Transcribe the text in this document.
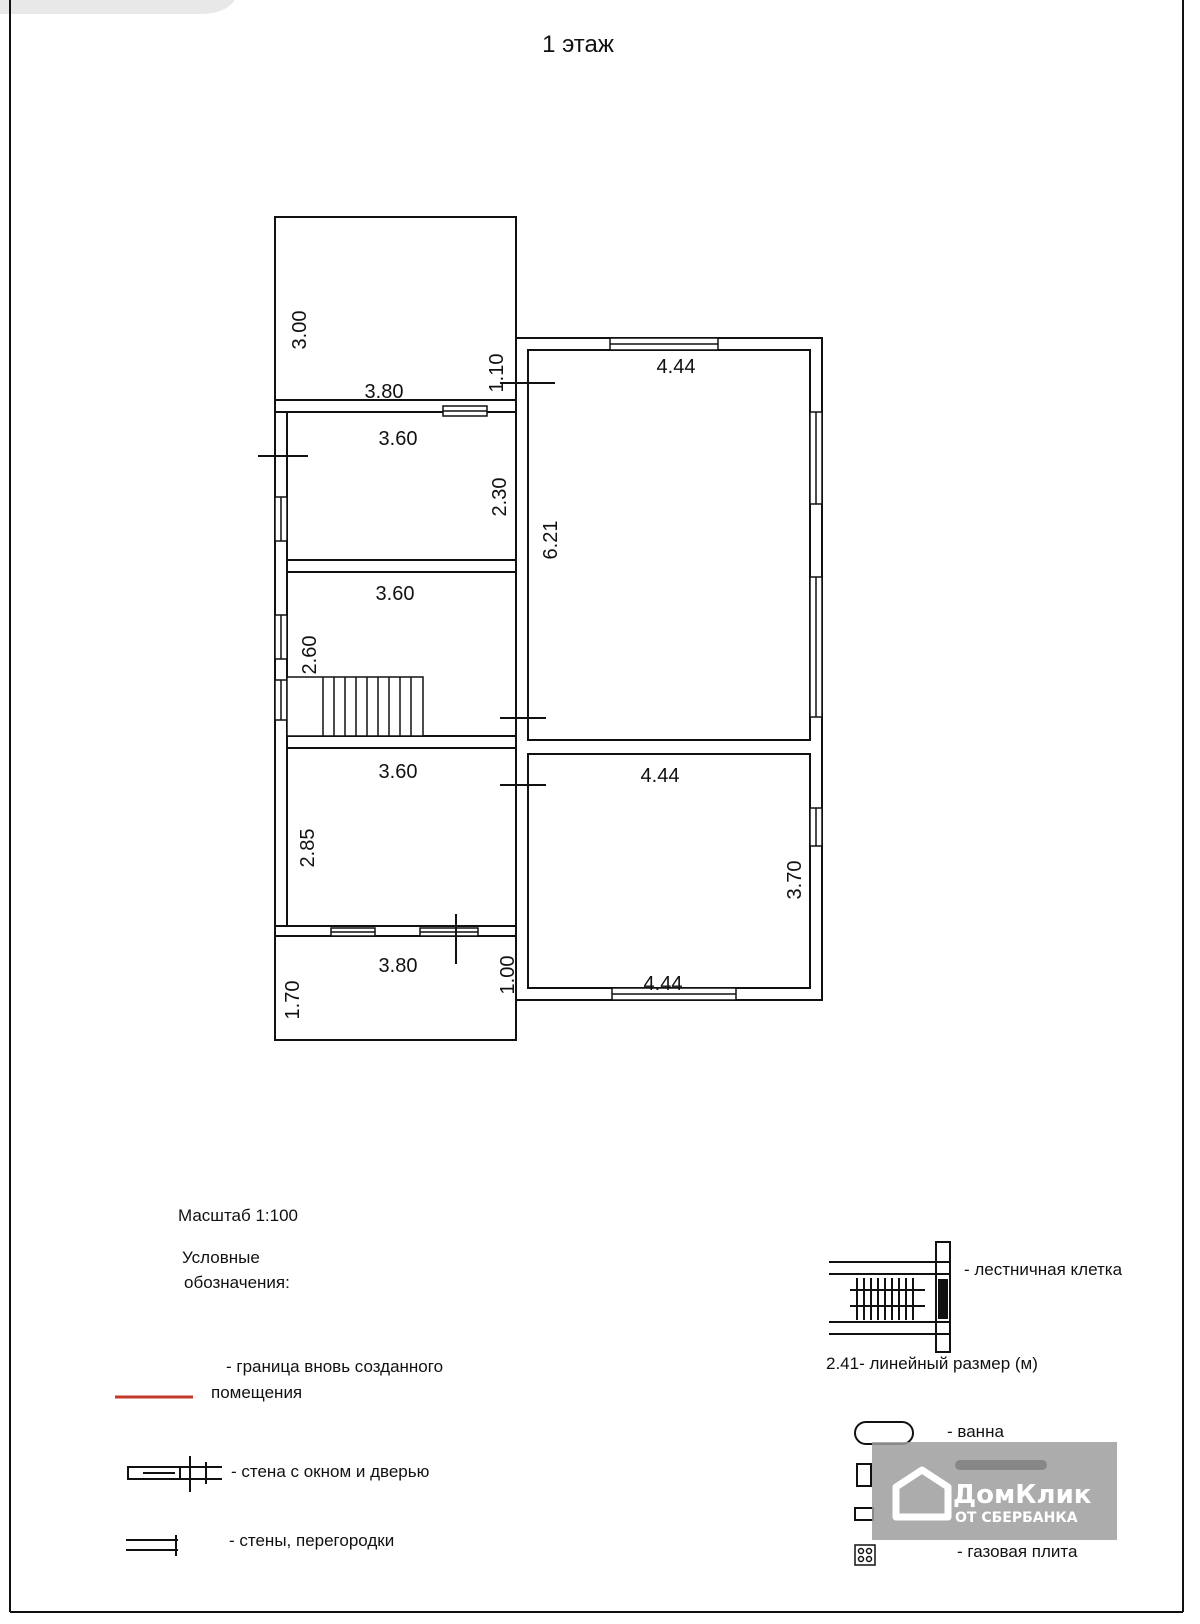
1 этаж
3.00
3.80	1.10	4.44
6.21
3.60
2.30
3.60
2.60
3.60
2.85
4.44
3.70
4.44
3.80
1.70
1.00
Масштаб 1:100
Условные
обозначения:
- граница вновь созданного
помещения
- стена с окном и дверью
- стены, перегородки
- лестничная клетка
2.41- линейный размер (м)
- ванна
- газовая плита
ДомКлик
ОТ СБЕРБАНКА
